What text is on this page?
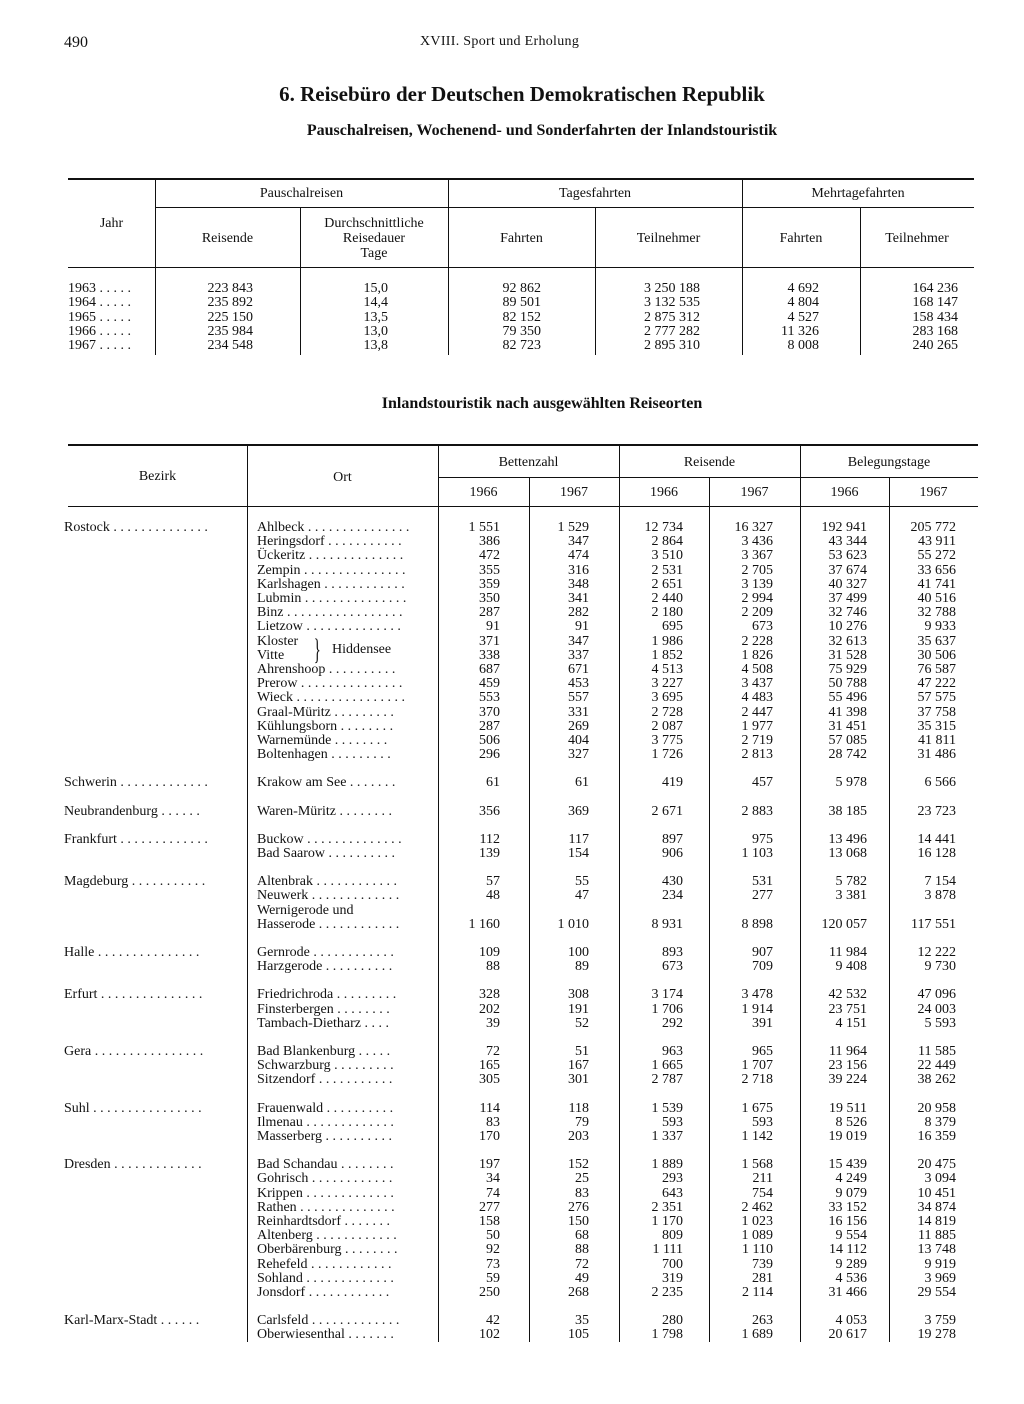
490	XVIII. Sport und Erholung
6. Reisebüro der Deutschen Demokratischen Republik
Pauschalreisen, Wochenend- und Sonderfahrten der Inlandstouristik
Jahr
Pauschalreisen	Tagesfahrten	Mehrtagefahrten
Reisende
Durchschnittliche
Reisedauer
Tage
Fahrten	Teilnehmer	Fahrten	Teilnehmer
1963 . . . . .	223 843	15,0	92 862	3 250 188	4 692	164 236
1964 . . . . .	235 892	14,4	89 501	3 132 535	4 804	168 147
1965 . . . . .	225 150	13,5	82 152	2 875 312	4 527	158 434
1966 . . . . .	235 984	13,0	79 350	2 777 282	11 326	283 168
1967 . . . . .	234 548	13,8	82 723	2 895 310	8 008	240 265
Inlandstouristik nach ausgewählten Reiseorten
Bezirk	Ort
Bettenzahl	Reisende	Belegungstage
1966	1967	1966	1967	1966	1967
} Hiddensee
Rostock . . . . . . . . . . . . . .	Ahlbeck . . . . . . . . . . . . . . .	1 551	1 529	12 734	16 327	192 941	205 772
Heringsdorf . . . . . . . . . . .	386	347	2 864	3 436	43 344	43 911
Ückeritz . . . . . . . . . . . . . .	472	474	3 510	3 367	53 623	55 272
Zempin . . . . . . . . . . . . . . .	355	316	2 531	2 705	37 674	33 656
Karlshagen . . . . . . . . . . . .	359	348	2 651	3 139	40 327	41 741
Lubmin . . . . . . . . . . . . . . .	350	341	2 440	2 994	37 499	40 516
Binz . . . . . . . . . . . . . . . . .	287	282	2 180	2 209	32 746	32 788
Lietzow . . . . . . . . . . . . . .	91	91	695	673	10 276	9 933
Kloster	371	347	1 986	2 228	32 613	35 637
Vitte	338	337	1 852	1 826	31 528	30 506
Ahrenshoop . . . . . . . . . .	687	671	4 513	4 508	75 929	76 587
Prerow . . . . . . . . . . . . . . .	459	453	3 227	3 437	50 788	47 222
Wieck . . . . . . . . . . . . . . . .	553	557	3 695	4 483	55 496	57 575
Graal-Müritz . . . . . . . . .	370	331	2 728	2 447	41 398	37 758
Kühlungsborn . . . . . . . .	287	269	2 087	1 977	31 451	35 315
Warnemünde . . . . . . . .	506	404	3 775	2 719	57 085	41 811
Boltenhagen . . . . . . . . .	296	327	1 726	2 813	28 742	31 486
Schwerin . . . . . . . . . . . . .	Krakow am See . . . . . . .	61	61	419	457	5 978	6 566
Neubrandenburg . . . . . .	Waren-Müritz . . . . . . . .	356	369	2 671	2 883	38 185	23 723
Frankfurt . . . . . . . . . . . . .	Buckow . . . . . . . . . . . . . .	112	117	897	975	13 496	14 441
Bad Saarow . . . . . . . . . .	139	154	906	1 103	13 068	16 128
Magdeburg . . . . . . . . . . .	Altenbrak . . . . . . . . . . . .	57	55	430	531	5 782	7 154
Neuwerk . . . . . . . . . . . . .	48	47	234	277	3 381	3 878
Wernigerode und
Hasserode . . . . . . . . . . . .	1 160	1 010	8 931	8 898	120 057	117 551
Halle . . . . . . . . . . . . . . .	Gernrode . . . . . . . . . . . .	109	100	893	907	11 984	12 222
Harzgerode . . . . . . . . . .	88	89	673	709	9 408	9 730
Erfurt . . . . . . . . . . . . . . .	Friedrichroda . . . . . . . . .	328	308	3 174	3 478	42 532	47 096
Finsterbergen . . . . . . . .	202	191	1 706	1 914	23 751	24 003
Tambach-Dietharz . . . .	39	52	292	391	4 151	5 593
Gera . . . . . . . . . . . . . . . .	Bad Blankenburg . . . . .	72	51	963	965	11 964	11 585
Schwarzburg . . . . . . . . .	165	167	1 665	1 707	23 156	22 449
Sitzendorf . . . . . . . . . . .	305	301	2 787	2 718	39 224	38 262
Suhl . . . . . . . . . . . . . . . .	Frauenwald . . . . . . . . . .	114	118	1 539	1 675	19 511	20 958
Ilmenau . . . . . . . . . . . . .	83	79	593	593	8 526	8 379
Masserberg . . . . . . . . . .	170	203	1 337	1 142	19 019	16 359
Dresden . . . . . . . . . . . . .	Bad Schandau . . . . . . . .	197	152	1 889	1 568	15 439	20 475
Gohrisch . . . . . . . . . . . .	34	25	293	211	4 249	3 094
Krippen . . . . . . . . . . . . .	74	83	643	754	9 079	10 451
Rathen . . . . . . . . . . . . . .	277	276	2 351	2 462	33 152	34 874
Reinhardtsdorf . . . . . . .	158	150	1 170	1 023	16 156	14 819
Altenberg . . . . . . . . . . . .	50	68	809	1 089	9 554	11 885
Oberbärenburg . . . . . . . .	92	88	1 111	1 110	14 112	13 748
Rehefeld . . . . . . . . . . . .	73	72	700	739	9 289	9 919
Sohland . . . . . . . . . . . . .	59	49	319	281	4 536	3 969
Jonsdorf . . . . . . . . . . . .	250	268	2 235	2 114	31 466	29 554
Karl-Marx-Stadt . . . . . .	Carlsfeld . . . . . . . . . . . . .	42	35	280	263	4 053	3 759
Oberwiesenthal . . . . . . .	102	105	1 798	1 689	20 617	19 278
